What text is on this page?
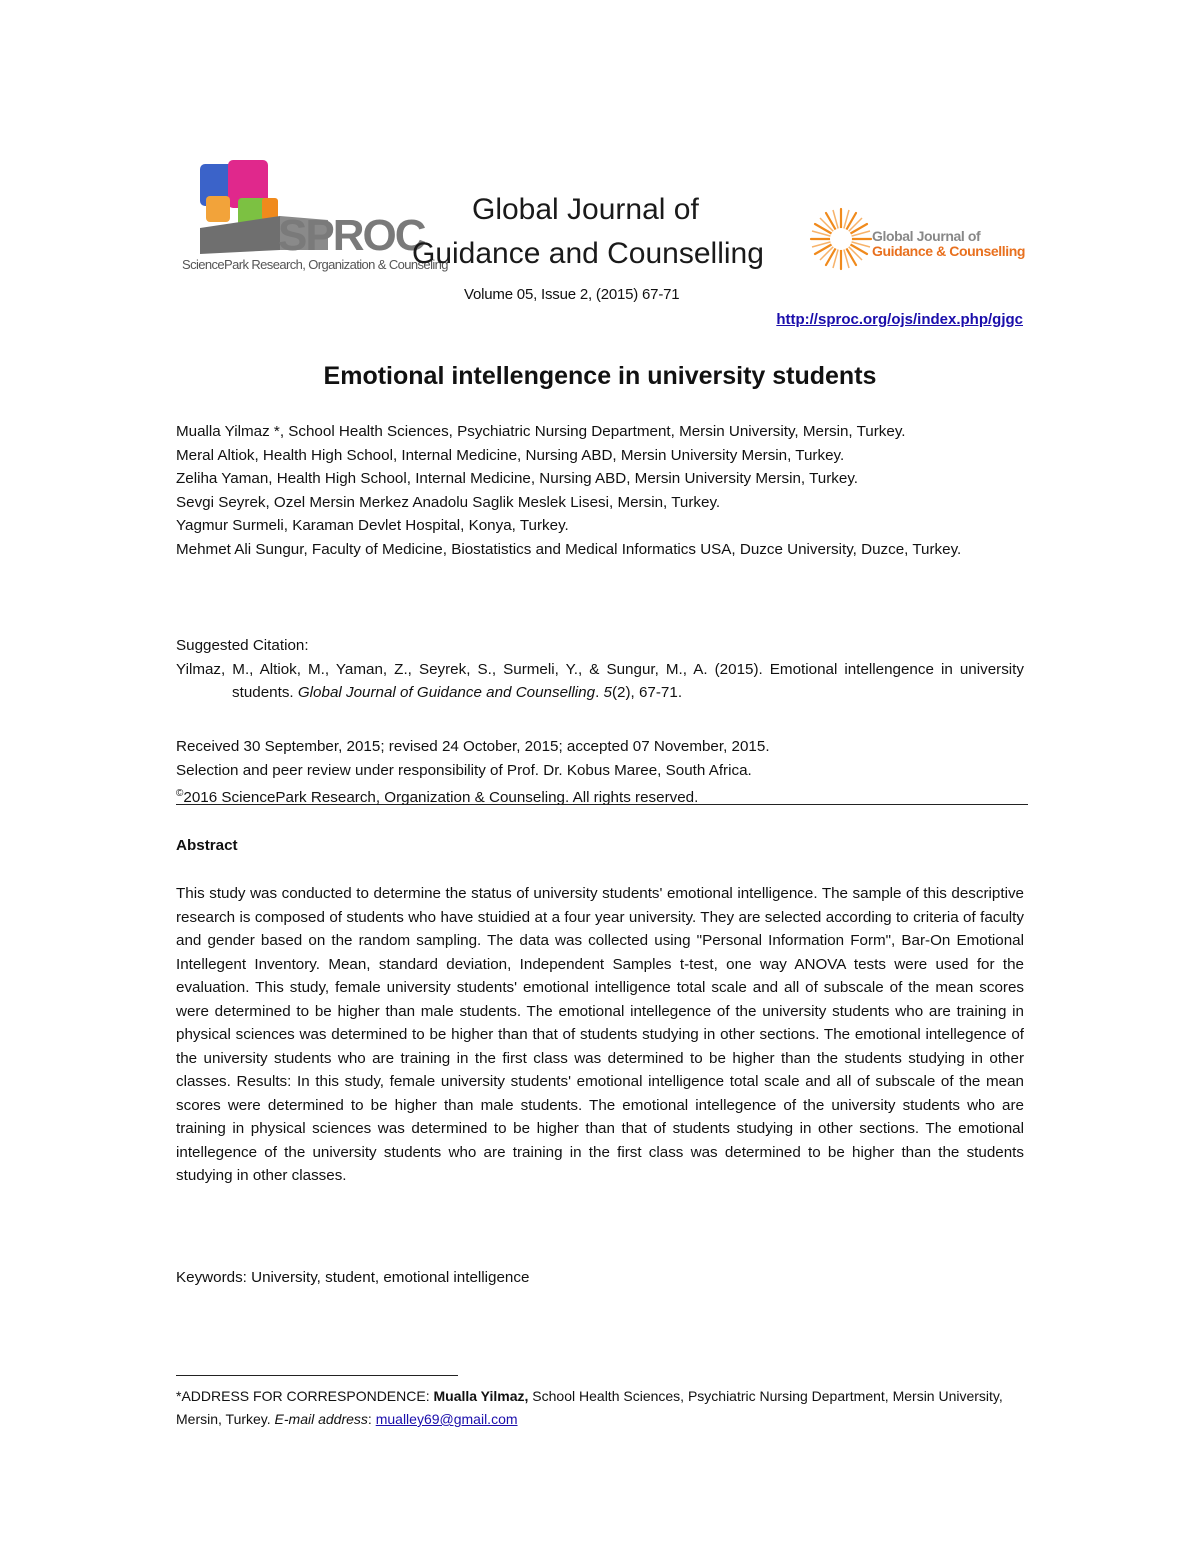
SPROC
SciencePark Research, Organization & Counseling
Global Journal of
Guidance and Counselling
Global Journal of
Guidance & Counselling
Volume 05, Issue 2, (2015) 67-71
http://sproc.org/ojs/index.php/gjgc
Emotional intellengence in university students

Mualla Yilmaz *, School Health Sciences, Psychiatric Nursing Department, Mersin University, Mersin, Turkey.

Meral Altiok, Health High School, Internal Medicine, Nursing ABD, Mersin University Mersin, Turkey.

Zeliha Yaman, Health High School, Internal Medicine, Nursing ABD, Mersin University Mersin, Turkey.

Sevgi Seyrek, Ozel Mersin Merkez Anadolu Saglik Meslek Lisesi, Mersin, Turkey.

Yagmur Surmeli, Karaman Devlet Hospital, Konya, Turkey.

Mehmet Ali Sungur, Faculty of Medicine, Biostatistics and Medical Informatics USA, Duzce University, Duzce, Turkey.

Suggested Citation:

Yilmaz, M., Altiok, M., Yaman, Z., Seyrek, S., Surmeli, Y., & Sungur, M., A. (2015). Emotional intellengence in university students. Global Journal of Guidance and Counselling. 5(2), 67-71.

Received 30 September, 2015; revised 24 October, 2015; accepted 07 November, 2015.

Selection and peer review under responsibility of Prof. Dr. Kobus Maree, South Africa.

©2016 SciencePark Research, Organization & Counseling. All rights reserved.

Abstract
This study was conducted to determine the status of university students' emotional intelligence. The sample of this descriptive research is composed of students who have stuidied at a four year university. They are selected according to criteria of faculty and gender based on the random sampling. The data was collected using "Personal Information Form", Bar-On Emotional Intellegent Inventory. Mean, standard deviation, Independent Samples t-test, one way ANOVA tests were used for the evaluation. This study, female university students' emotional intelligence total scale and all of subscale of the mean scores were determined to be higher than male students. The emotional intellegence of the university students who are training in physical sciences was determined to be higher than that of students studying in other sections. The emotional intellegence of the university students who are training in the first class was determined to be higher than the students studying in other classes. Results: In this study, female university students' emotional intelligence total scale and all of subscale of the mean scores were determined to be higher than male students. The emotional intellegence of the university students who are training in physical sciences was determined to be higher than that of students studying in other sections. The emotional intellegence of the university students who are training in the first class was determined to be higher than the students studying in other classes.
Keywords: University, student, emotional intelligence
*ADDRESS FOR CORRESPONDENCE: Mualla Yilmaz, School Health Sciences, Psychiatric Nursing Department, Mersin University, Mersin, Turkey. E-mail address: mualley69@gmail.com
